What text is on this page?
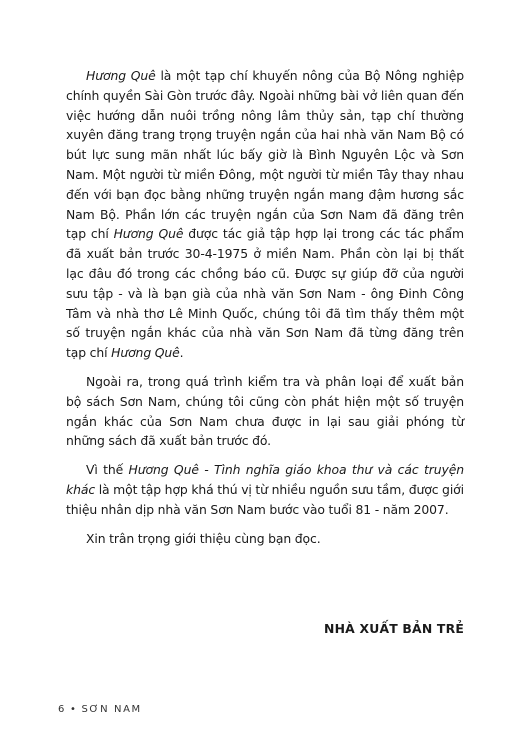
Hương Quê là một tạp chí khuyến nông của Bộ Nông nghiệp chính quyền Sài Gòn trước đây. Ngoài những bài vở liên quan đến việc hướng dẫn nuôi trồng nông lâm thủy sản, tạp chí thường xuyên đăng trang trọng truyện ngắn của hai nhà văn Nam Bộ có bút lực sung mãn nhất lúc bấy giờ là Bình Nguyên Lộc và Sơn Nam. Một người từ miền Đông, một người từ miền Tây thay nhau đến với bạn đọc bằng những truyện ngắn mang đậm hương sắc Nam Bộ. Phần lớn các truyện ngắn của Sơn Nam đã đăng trên tạp chí Hương Quê được tác giả tập hợp lại trong các tác phẩm đã xuất bản trước 30-4-1975 ở miền Nam. Phần còn lại bị thất lạc đâu đó trong các chồng báo cũ. Được sự giúp đỡ của người sưu tập - và là bạn già của nhà văn Sơn Nam - ông Đinh Công Tâm và nhà thơ Lê Minh Quốc, chúng tôi đã tìm thấy thêm một số truyện ngắn khác của nhà văn Sơn Nam đã từng đăng trên tạp chí Hương Quê.

Ngoài ra, trong quá trình kiểm tra và phân loại để xuất bản bộ sách Sơn Nam, chúng tôi cũng còn phát hiện một số truyện ngắn khác của Sơn Nam chưa được in lại sau giải phóng từ những sách đã xuất bản trước đó.

Vì thế Hương Quê - Tình nghĩa giáo khoa thư và các truyện khác là một tập hợp khá thú vị từ nhiều nguồn sưu tầm, được giới thiệu nhân dịp nhà văn Sơn Nam bước vào tuổi 81 - năm 2007.

Xin trân trọng giới thiệu cùng bạn đọc.

NHÀ XUẤT BẢN TRẺ
6 • SƠN NAM
